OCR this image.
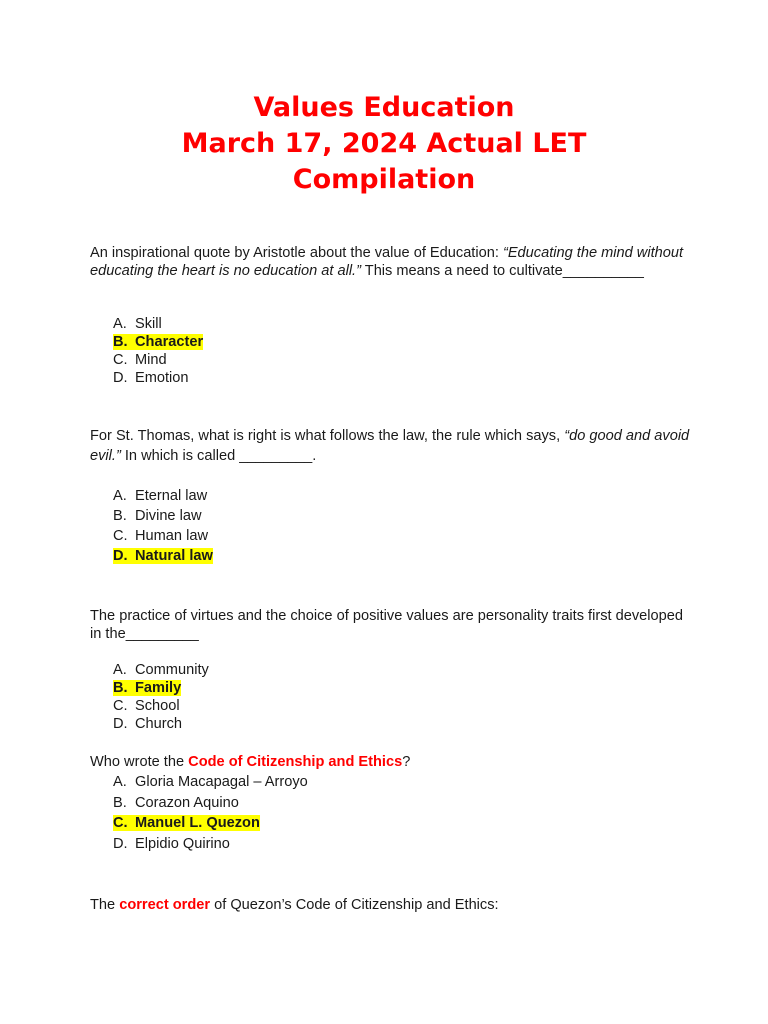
Values Education
March 17, 2024 Actual LET
Compilation

An inspirational quote by Aristotle about the value of Education: “Educating the mind without educating the heart is no education at all.” This means a need to cultivate__________

A. Skill
B. Character
C. Mind
D. Emotion

For St. Thomas, what is right is what follows the law, the rule which says, “do good and avoid evil.” In which is called _________.

A. Eternal law
B. Divine law
C. Human law
D. Natural law

The practice of virtues and the choice of positive values are personality traits first developed in the_________

A. Community
B. Family
C. School
D. Church

Who wrote the Code of Citizenship and Ethics?

A. Gloria Macapagal – Arroyo
B. Corazon Aquino
C. Manuel L. Quezon
D. Elpidio Quirino

The correct order of Quezon’s Code of Citizenship and Ethics:
